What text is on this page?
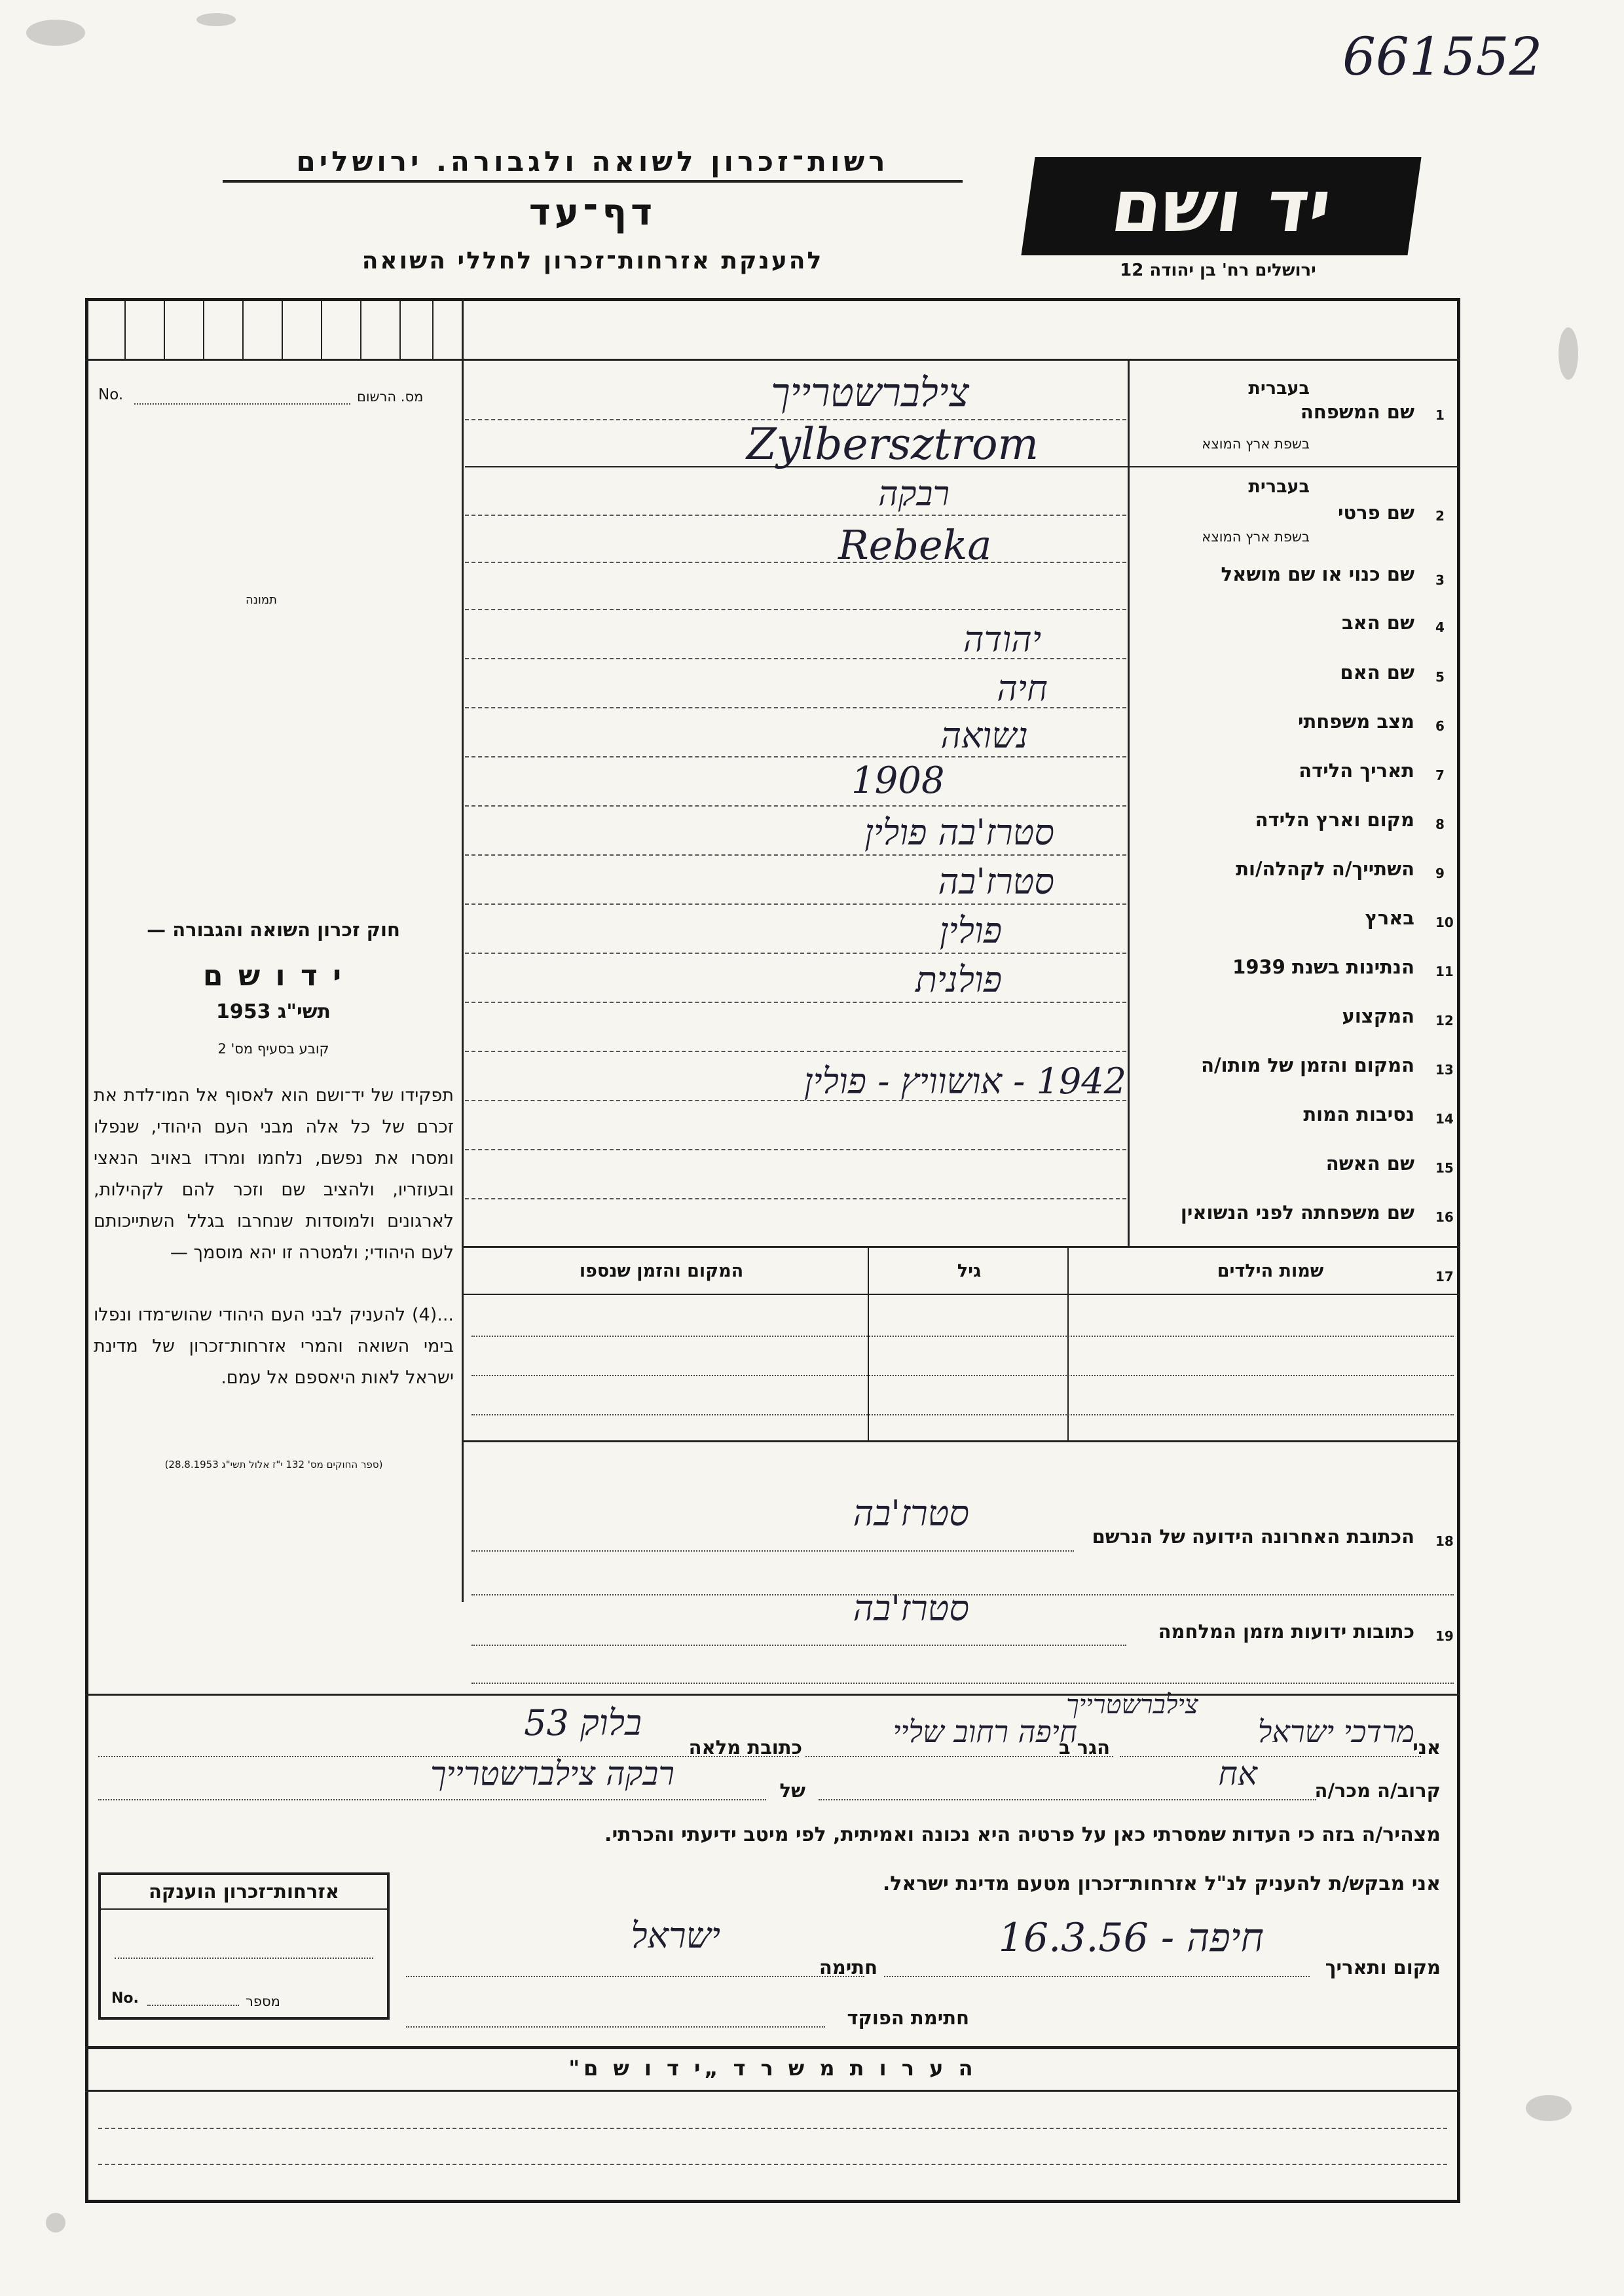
661552
רשות־זכרון לשואה ולגבורה. ירושלים
דף־עד
להענקת אזרחות־זכרון לחללי השואה
יד ושם
ירושלים רח' בן יהודה 12
No.	מס. הרשום
תמונה
1
שם המשפחה
בעברית
בשפת ארץ המוצא
2
שם פרטי
בעברית
בשפת ארץ המוצא
3
שם כנוי או שם מושאל
4
שם האב
5
שם האם
6
מצב משפחתי
7
תאריך הלידה
8
מקום וארץ הלידה
9
השתייך/ה לקהלה/ות
10
בארץ
11
הנתינות בשנת 1939
12
המקצוע
13
המקום והזמן של מותו/ה
14
נסיבות המות
15
שם האשה
16
שם משפחתה לפני הנשואין
צילברשטרייך
Zylbersztrom
רבקה
Rebeka
יהודה
חיה
נשואה
1908
סטרז'בה פולין
סטרז'בה
פולין
פולנית
1942 - אושוויץ - פולין
17
שמות הילדים
גיל
המקום והזמן שנספו
חוק זכרון השואה והגבורה —
י ד ו ש ם
תשי"ג 1953
קובע בסעיף מס' 2
תפקידו של יד־ושם הוא לאסוף אל המו־לדת את זכרם של כל אלה מבני העם היהודי, שנפלו ומסרו את נפשם, נלחמו ומרדו באויב הנאצי ובעוזריו, ולהציב שם וזכר להם לקהילות, לארגונים ולמוסדות שנחרבו בגלל השתייכותם לעם היהודי; ולמטרה זו יהא מוסמך —
...(4) להעניק לבני העם היהודי שהוש־מדו ונפלו בימי השואה והמרי אזרחות־זכרון של מדינת ישראל לאות היאספם אל עמם.
(ספר החוקים מס' 132 י"ז אלול תשי"ג 28.8.1953)
18
הכתובת האחרונה הידועה של הנרשם
סטרז'בה
19
כתובות ידועות מזמן המלחמה
סטרז'בה
צילברשטרייך
אני
מרדכי ישראל
הגר ב
חיפה רחוב שליי
כתובת מלאה
בלוק 53
קרוב/ה מכר/ה
אח
של
רבקה צילברשטרייך
מצהיר/ה בזה כי העדות שמסרתי כאן על פרטיה היא נכונה ואמיתית, לפי מיטב ידיעתי והכרתי.
אני מבקש/ת להעניק לנ"ל אזרחות־זכרון מטעם מדינת ישראל.
מקום ותאריך
חיפה - 16.3.56
חתימה
ישראל
חתימת הפוקד
אזרחות־זכרון הוענקה
No.	מספר
ה ע ר ו ת מ ש ר ד „י ד ו ש ם"
